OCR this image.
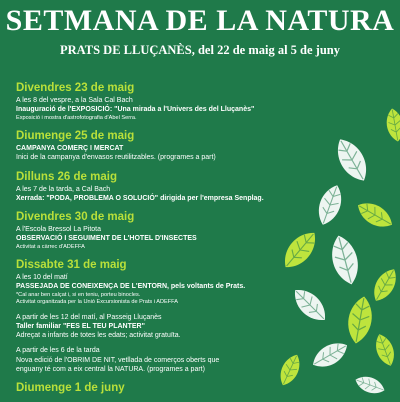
SETMANA DE LA NATURA
PRATS DE LLUÇANÈS, del 22 de maig al 5 de juny
Divendres 23 de maig
A les 8 del vespre, a la Sala Cal Bach
Inauguració de l'EXPOSICIÓ: "Una mirada a l'Univers des del Lluçanès"
Exposició i mostra d'astrofotografia d'Abel Serra.
Diumenge 25 de maig
CAMPANYA COMERÇ I MERCAT
Inici de la campanya d'envasos reutilitzables. (programes a part)
Dilluns 26 de maig
A les 7 de la tarda, a Cal Bach
Xerrada: "PODA, PROBLEMA O SOLUCIÓ" dirigida per l'empresa Senplag.
Divendres 30 de maig
A l'Escola Bressol La Pitota
OBSERVACIÓ I SEGUIMENT DE L'HOTEL D'INSECTES
Activitat a càrrec d'ADEFFA
Dissabte 31 de maig
A les 10 del matí
PASSEJADA DE CONEIXENÇA DE L'ENTORN, pels voltants de Prats.
*Cal anar ben calçat i, si en teniu, porteu binocles.
Activitat organitzada per la Unió Excursionista de Prats i ADEFFA
A partir de les 12 del matí, al Passeig Lluçanès
Taller familiar "FES EL TEU PLANTER"
Adreçat a infants de totes les edats; activitat gratuïta.
A partir de les 6 de la tarda
Nova edició de l'OBRIM DE NIT, vetllada de comerços oberts que
enguany té com a eix central la NATURA. (programes a part)
Diumenge 1 de juny
